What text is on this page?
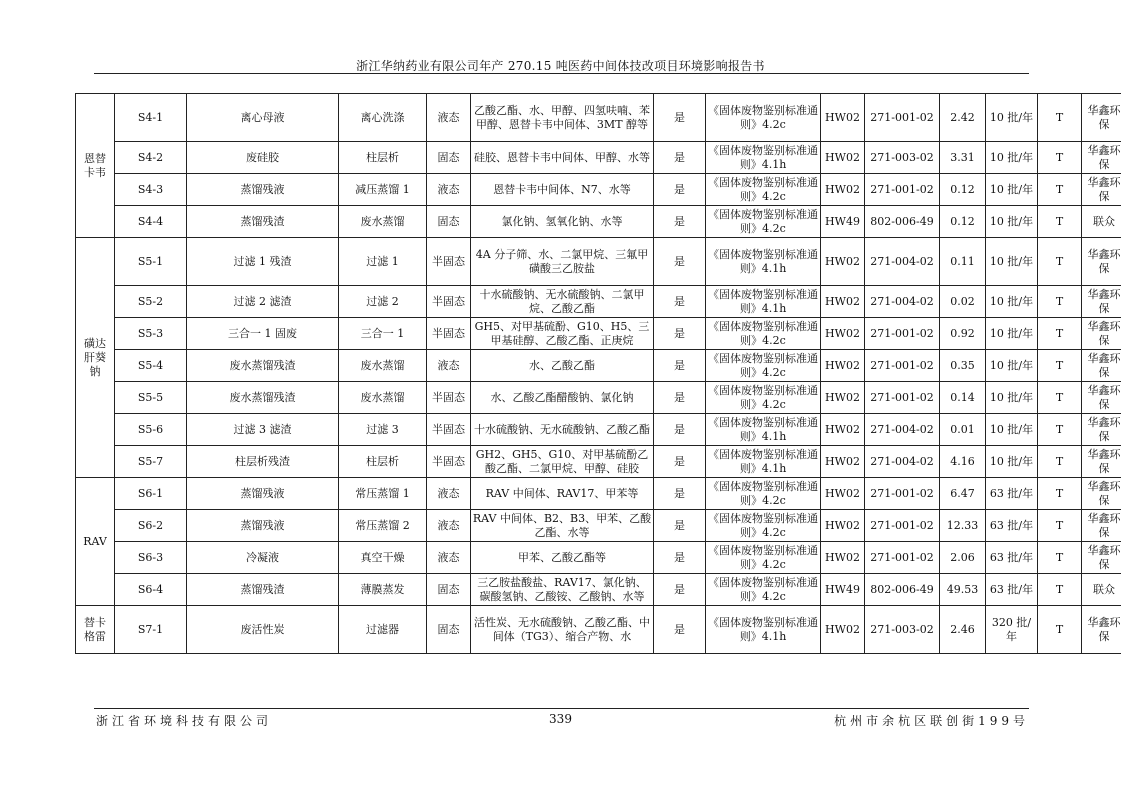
浙江华纳药业有限公司年产 270.15 吨医药中间体技改项目环境影响报告书
恩替卡韦	S4-1	离心母液	离心洗涤	液态	乙酸乙酯、水、甲醇、四氢呋喃、苯甲醇、恩替卡韦中间体、3MT 醇等	是	《固体废物鉴别标准通则》4.2c	HW02	271-001-02	2.42	10 批/年	T	华鑫环保
	S4-2	废硅胶	柱层析	固态	硅胶、恩替卡韦中间体、甲醇、水等	是	《固体废物鉴别标准通则》4.1h	HW02	271-003-02	3.31	10 批/年	T	华鑫环保
	S4-3	蒸馏残液	减压蒸馏 1	液态	恩替卡韦中间体、N7、水等	是	《固体废物鉴别标准通则》4.2c	HW02	271-001-02	0.12	10 批/年	T	华鑫环保
	S4-4	蒸馏残渣	废水蒸馏	固态	氯化钠、氢氧化钠、水等	是	《固体废物鉴别标准通则》4.2c	HW49	802-006-49	0.12	10 批/年	T	联众
磺达肝葵钠	S5-1	过滤 1 残渣	过滤 1	半固态	4A 分子筛、水、二氯甲烷、三氟甲磺酸三乙胺盐	是	《固体废物鉴别标准通则》4.1h	HW02	271-004-02	0.11	10 批/年	T	华鑫环保
	S5-2	过滤 2 滤渣	过滤 2	半固态	十水硫酸钠、无水硫酸钠、二氯甲烷、乙酸乙酯	是	《固体废物鉴别标准通则》4.1h	HW02	271-004-02	0.02	10 批/年	T	华鑫环保
	S5-3	三合一 1 固废	三合一 1	半固态	GH5、对甲基硫酚、G10、H5、三甲基硅醇、乙酸乙酯、正庚烷	是	《固体废物鉴别标准通则》4.2c	HW02	271-001-02	0.92	10 批/年	T	华鑫环保
	S5-4	废水蒸馏残渣	废水蒸馏	液态	水、乙酸乙酯	是	《固体废物鉴别标准通则》4.2c	HW02	271-001-02	0.35	10 批/年	T	华鑫环保
	S5-5	废水蒸馏残渣	废水蒸馏	半固态	水、乙酸乙酯醋酸钠、氯化钠	是	《固体废物鉴别标准通则》4.2c	HW02	271-001-02	0.14	10 批/年	T	华鑫环保
	S5-6	过滤 3 滤渣	过滤 3	半固态	十水硫酸钠、无水硫酸钠、乙酸乙酯	是	《固体废物鉴别标准通则》4.1h	HW02	271-004-02	0.01	10 批/年	T	华鑫环保
	S5-7	柱层析残渣	柱层析	半固态	GH2、GH5、G10、对甲基硫酚乙酸乙酯、二氯甲烷、甲醇、硅胶	是	《固体废物鉴别标准通则》4.1h	HW02	271-004-02	4.16	10 批/年	T	华鑫环保
RAV	S6-1	蒸馏残液	常压蒸馏 1	液态	RAV 中间体、RAV17、甲苯等	是	《固体废物鉴别标准通则》4.2c	HW02	271-001-02	6.47	63 批/年	T	华鑫环保
	S6-2	蒸馏残液	常压蒸馏 2	液态	RAV 中间体、B2、B3、甲苯、乙酸乙酯、水等	是	《固体废物鉴别标准通则》4.2c	HW02	271-001-02	12.33	63 批/年	T	华鑫环保
	S6-3	冷凝液	真空干燥	液态	甲苯、乙酸乙酯等	是	《固体废物鉴别标准通则》4.2c	HW02	271-001-02	2.06	63 批/年	T	华鑫环保
	S6-4	蒸馏残渣	薄膜蒸发	固态	三乙胺盐酸盐、RAV17、氯化钠、碳酸氢钠、乙酸铵、乙酸钠、水等	是	《固体废物鉴别标准通则》4.2c	HW49	802-006-49	49.53	63 批/年	T	联众
替卡格雷	S7-1	废活性炭	过滤器	固态	活性炭、无水硫酸钠、乙酸乙酯、中间体（TG3）、缩合产物、水	是	《固体废物鉴别标准通则》4.1h	HW02	271-003-02	2.46	320 批/年	T	华鑫环保
浙江省环境科技有限公司	339	杭州市余杭区联创街199号
